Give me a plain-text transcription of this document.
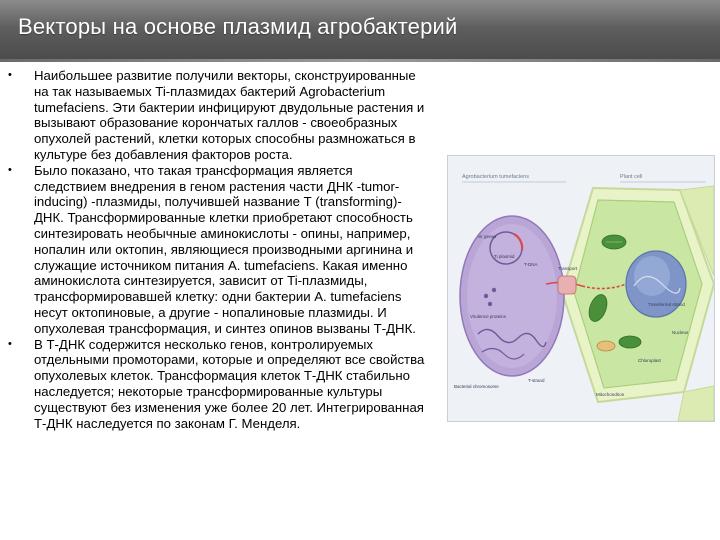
Векторы на основе плазмид агробактерий
• Наибольшее развитие получили векторы, сконструированные на так называемых Ti-плазмидах бактерий Agrobacterium tumefaciens. Эти бактерии инфицируют двудольные растения и вызывают образование корончатых галлов - своеобразных опухолей растений, клетки которых способны размножаться в культуре без добавления факторов роста.
• Было показано, что такая трансформация является следствием внедрения в геном растения части ДНК -tumor-inducing) -плазмиды, получившей название Т (transforming)-ДНК. Трансформированные клетки приобретают способность синтезировать необычные аминокислоты - опины, например, нопалин или октопин, являющиеся производными аргинина и служащие источником питания А. tumefaciens. Какая именно аминокислота синтезируется, зависит от Ti-плазмиды, трансформировавшей клетку: одни бактерии А. tumefaciens несут октопиновые, а другие - нопалиновые плазмиды. И опухолевая трансформация, и синтез опинов вызваны Т-ДНК.
• В Т-ДНК содержится несколько генов, контролируемых отдельными промоторами, которые и определяют все свойства опухолевых клеток. Трансформация клеток Т-ДНК стабильно наследуется; некоторые трансформированные культуры существуют без изменения уже более 20 лет. Интегрированная Т-ДНК наследуется по законам Г. Менделя.
Agrobacterium tumefaciens	Plant cell
vir genes
Ti plasmid
T-DNA
Virulence proteins
Bacterial chromosome
Transport
T-strand
Mitochondrion
Nucleus
Chloroplast
Transferred strand
